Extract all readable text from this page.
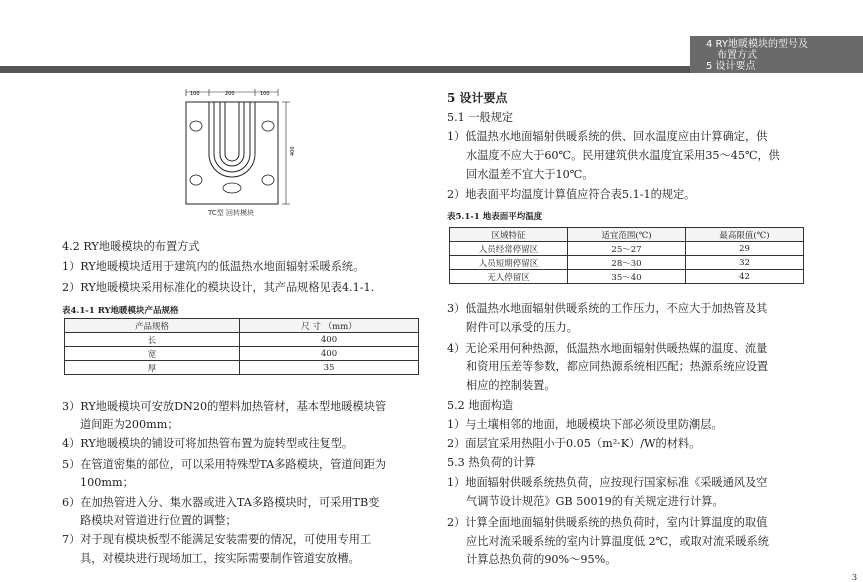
4 RY地暖模块的型号及
布置方式
5 设计要点
100	200	100
400
TC型 回转模块
4.2 RY地暖模块的布置方式
1）RY地暖模块适用于建筑内的低温热水地面辐射采暖系统。
2）RY地暖模块采用标准化的模块设计，其产品规格见表4.1-1.
表4.1-1 RY地暖模块产品规格
产品规格	尺 寸 （mm）
长	400
宽	400
厚	35
3）RY地暖模块可安放DN20的塑料加热管材，基本型地暖模块管
道间距为200mm；
4）RY地暖模块的铺设可将加热管布置为旋转型或往复型。
5）在管道密集的部位，可以采用特殊型TA多路模块，管道间距为
100mm；
6）在加热管进入分、集水器或进入TA多路模块时，可采用TB变
路模块对管道进行位置的调整；
7）对于现有模块板型不能满足安装需要的情况，可使用专用工
具，对模块进行现场加工，按实际需要制作管道安放槽。
5 设计要点
5.1 一般规定
1）低温热水地面辐射供暖系统的供、回水温度应由计算确定，供
水温度不应大于60℃。民用建筑供水温度宜采用35～45℃，供
回水温差不宜大于10℃。
2）地表面平均温度计算值应符合表5.1-1的规定。
表5.1-1 地表面平均温度
区域特征	适宜范围(℃)	最高限值(℃)
人员经常停留区	25～27	29
人员短期停留区	28～30	32
无人停留区	35～40	42
3）低温热水地面辐射供暖系统的工作压力，不应大于加热管及其
附件可以承受的压力。
4）无论采用何种热源，低温热水地面辐射供暖热媒的温度、流量
和资用压差等参数，都应同热源系统相匹配；热源系统应设置
相应的控制装置。
5.2 地面构造
1）与土壤相邻的地面，地暖模块下部必须设里防潮层。
2）面层宜采用热阻小于0.05（m²·K）/W的材料。
5.3 热负荷的计算
1）地面辐射供暖系统热负荷，应按现行国家标准《采暖通风及空
气调节设计规范》GB 50019的有关规定进行计算。
2）计算全面地面辐射供暖系统的热负荷时，室内计算温度的取值
应比对流采暖系统的室内计算温度低 2℃，或取对流采暖系统
计算总热负荷的90%～95%。
3
